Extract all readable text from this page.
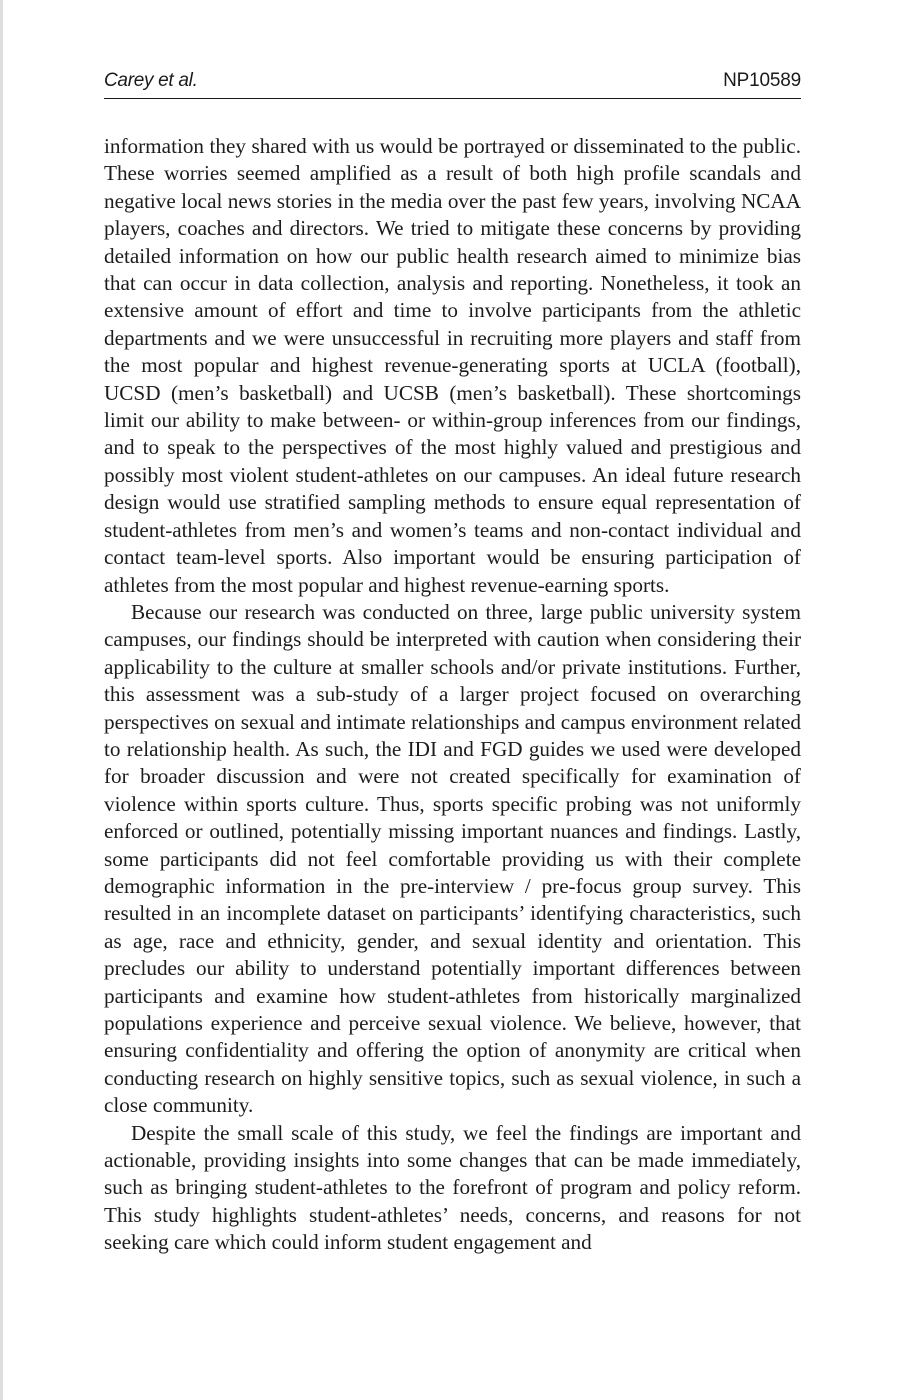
Carey et al.	NP10589

information they shared with us would be portrayed or disseminated to the public. These worries seemed amplified as a result of both high profile scandals and negative local news stories in the media over the past few years, involving NCAA players, coaches and directors. We tried to mitigate these concerns by providing detailed information on how our public health research aimed to minimize bias that can occur in data collection, analysis and reporting. Nonetheless, it took an extensive amount of effort and time to involve participants from the athletic departments and we were unsuccessful in recruiting more players and staff from the most popular and highest revenue-generating sports at UCLA (football), UCSD (men’s basketball) and UCSB (men’s basketball). These shortcomings limit our ability to make between- or within-group inferences from our findings, and to speak to the perspectives of the most highly valued and prestigious and possibly most violent student-athletes on our campuses. An ideal future research design would use stratified sampling methods to ensure equal representation of student-athletes from men’s and women’s teams and non-contact individual and contact team-level sports. Also important would be ensuring participation of athletes from the most popular and highest revenue-earning sports.

Because our research was conducted on three, large public university system campuses, our findings should be interpreted with caution when considering their applicability to the culture at smaller schools and/or private institutions. Further, this assessment was a sub-study of a larger project focused on overarching perspectives on sexual and intimate relationships and campus environment related to relationship health. As such, the IDI and FGD guides we used were developed for broader discussion and were not created specifically for examination of violence within sports culture. Thus, sports specific probing was not uniformly enforced or outlined, potentially missing important nuances and findings. Lastly, some participants did not feel comfortable providing us with their complete demographic information in the pre-interview / pre-focus group survey. This resulted in an incomplete dataset on participants’ identifying characteristics, such as age, race and ethnicity, gender, and sexual identity and orientation. This precludes our ability to understand potentially important differences between participants and examine how student-athletes from historically marginalized populations experience and perceive sexual violence. We believe, however, that ensuring confidentiality and offering the option of anonymity are critical when conducting research on highly sensitive topics, such as sexual violence, in such a close community.

Despite the small scale of this study, we feel the findings are important and actionable, providing insights into some changes that can be made immediately, such as bringing student-athletes to the forefront of program and policy reform. This study highlights student-athletes’ needs, concerns, and reasons for not seeking care which could inform student engagement and
